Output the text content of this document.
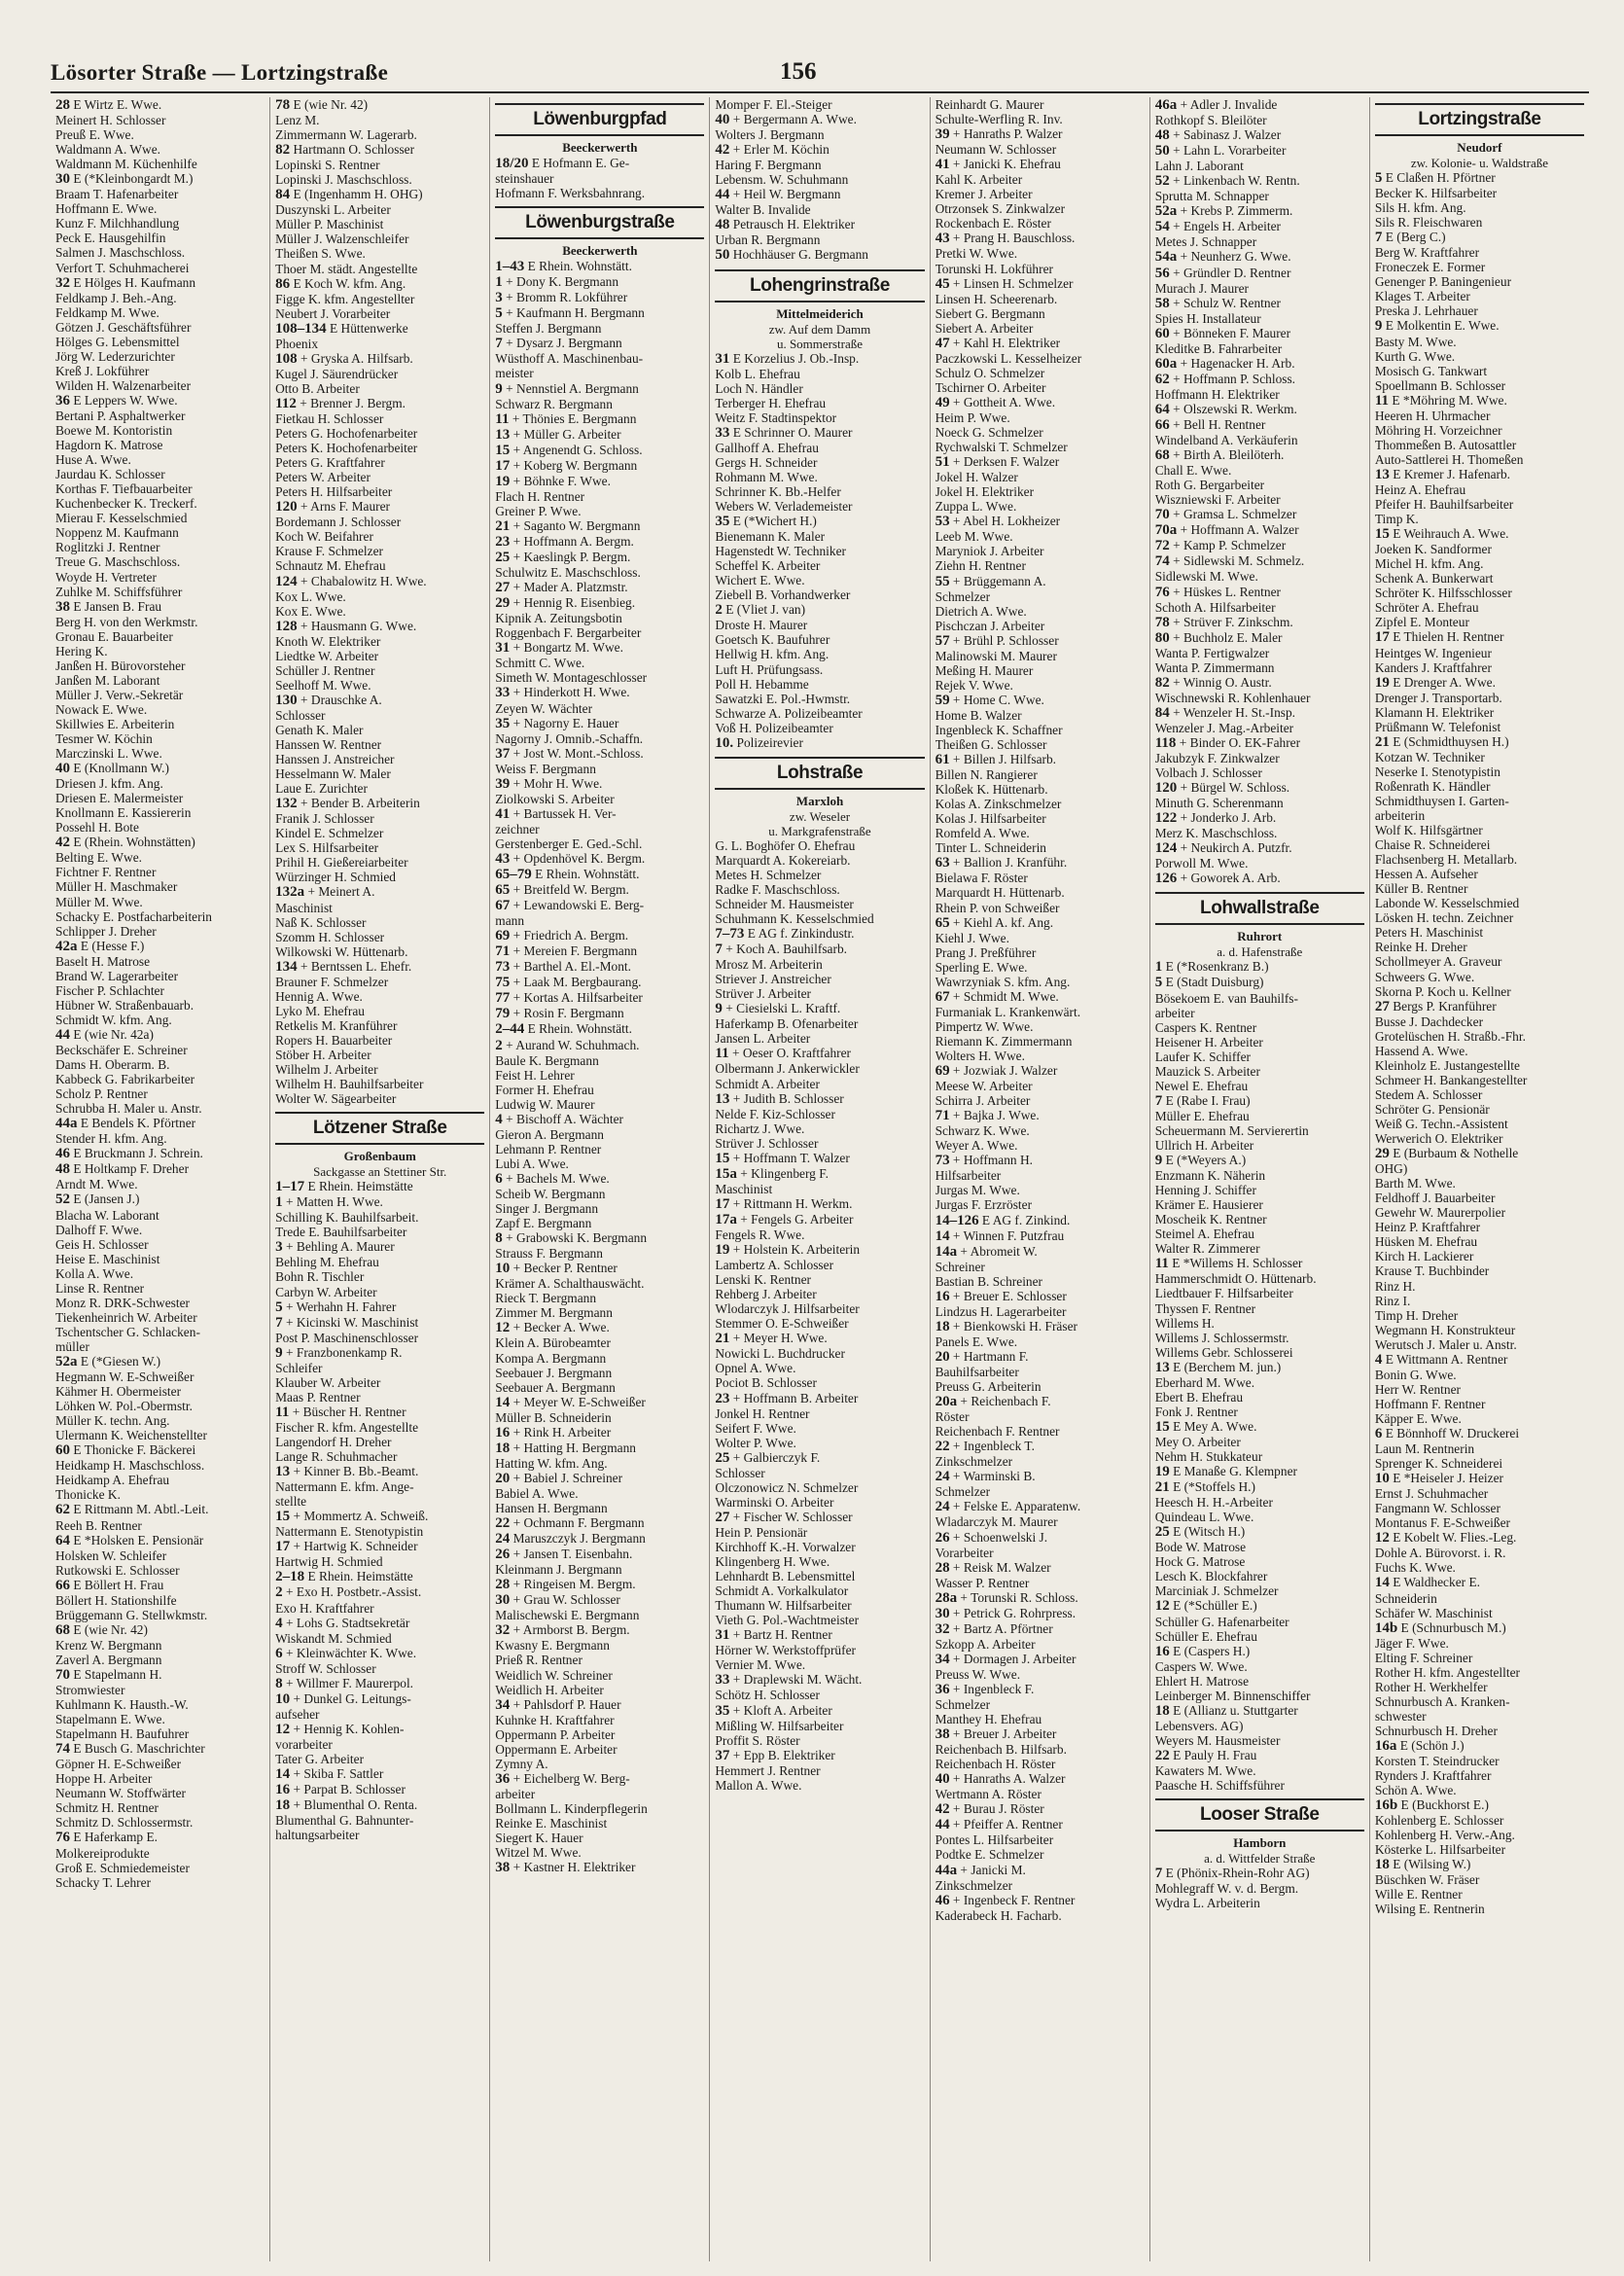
Lösorter Straße — Lortzingstraße	156
28 E Wirtz E. Wwe.
Meinert H. Schlosser
Preuß E. Wwe.
Waldmann A. Wwe.
Waldmann M. Küchenhilfe
30 E (*Kleinbongardt M.)
Braam T. Hafenarbeiter
Hoffmann E. Wwe.
Kunz F. Milchhandlung
Peck E. Hausgehilfin
Salmen J. Maschschloss.
Verfort T. Schuhmacherei
32 E Hölges H. Kaufmann
Feldkamp J. Beh.-Ang.
Feldkamp M. Wwe.
Götzen J. Geschäftsführer
Hölges G. Lebensmittel
Jörg W. Lederzurichter
Kreß J. Lokführer
Wilden H. Walzenarbeiter
36 E Leppers W. Wwe.
Bertani P. Asphaltwerker
Boewe M. Kontoristin
Hagdorn K. Matrose
Huse A. Wwe.
Jaurdau K. Schlosser
Korthas F. Tiefbauarbeiter
Kuchenbecker K. Treckerf.
Mierau F. Kesselschmied
Noppenz M. Kaufmann
Roglitzki J. Rentner
Treue G. Maschschloss.
Woyde H. Vertreter
Zuhlke M. Schiffsführer
38 E Jansen B. Frau
Berg H. von den Werkmstr.
Gronau E. Bauarbeiter
Hering K.
Janßen H. Bürovorsteher
Janßen M. Laborant
Müller J. Verw.-Sekretär
Nowack E. Wwe.
Skillwies E. Arbeiterin
Tesmer W. Köchin
Marczinski L. Wwe.
40 E (Knollmann W.)
Driesen J. kfm. Ang.
Driesen E. Malermeister
Knollmann E. Kassiererin
Possehl H. Bote
42 E (Rhein. Wohnstätten)
Belting E. Wwe.
Fichtner F. Rentner
Müller H. Maschmaker
Müller M. Wwe.
Schacky E. Postfacharbeiterin
Schlipper J. Dreher
42a E (Hesse F.)
Baselt H. Matrose
Brand W. Lagerarbeiter
Fischer P. Schlachter
Hübner W. Straßenbauarb.
Schmidt W. kfm. Ang.
44 E (wie Nr. 42a)
Beckschäfer E. Schreiner
Dams H. Oberarm. B.
Kabbeck G. Fabrikarbeiter
Scholz P. Rentner
Schrubba H. Maler u. Anstr.
44a E Bendels K. Pförtner
Stender H. kfm. Ang.
46 E Bruckmann J. Schrein.
48 E Holtkamp F. Dreher
Arndt M. Wwe.
52 E (Jansen J.)
Blacha W. Laborant
Dalhoff F. Wwe.
Geis H. Schlosser
Heise E. Maschinist
Kolla A. Wwe.
Linse R. Rentner
Monz R. DRK-Schwester
Tiekenheinrich W. Arbeiter
Tschentscher G. Schlacken-
müller
52a E (*Giesen W.)
Hegmann W. E-Schweißer
Kähmer H. Obermeister
Löhken W. Pol.-Obermstr.
Müller K. techn. Ang.
Ulermann K. Weichenstellter
60 E Thonicke F. Bäckerei
Heidkamp H. Maschschloss.
Heidkamp A. Ehefrau
Thonicke K.
62 E Rittmann M. Abtl.-Leit.
Reeh B. Rentner
64 E *Holsken E. Pensionär
Holsken W. Schleifer
Rutkowski E. Schlosser
66 E Böllert H. Frau
Böllert H. Stationshilfe
Brüggemann G. Stellwkmstr.
68 E (wie Nr. 42)
Krenz W. Bergmann
Zaverl A. Bergmann
70 E Stapelmann H.
Stromwiester
Kuhlmann K. Hausth.-W.
Stapelmann E. Wwe.
Stapelmann H. Baufuhrer
74 E Busch G. Maschrichter
Göpner H. E-Schweißer
Hoppe H. Arbeiter
Neumann W. Stoffwärter
Schmitz H. Rentner
Schmitz D. Schlossermstr.
76 E Haferkamp E.
Molkereiprodukte
Groß E. Schmiedemeister
Schacky T. Lehrer
78 E (wie Nr. 42)
Lenz M.
Zimmermann W. Lagerarb.
82 Hartmann O. Schlosser
Lopinski S. Rentner
Lopinski J. Maschschloss.
84 E (Ingenhamm H. OHG)
Duszynski L. Arbeiter
Müller P. Maschinist
Müller J. Walzenschleifer
Theißen S. Wwe.
Thoer M. städt. Angestellte
86 E Koch W. kfm. Ang.
Figge K. kfm. Angestellter
Neubert J. Vorarbeiter
108–134 E Hüttenwerke
Phoenix
108 + Gryska A. Hilfsarb.
Kugel J. Säurendrücker
Otto B. Arbeiter
112 + Brenner J. Bergm.
Fietkau H. Schlosser
Peters G. Hochofenarbeiter
Peters K. Hochofenarbeiter
Peters G. Kraftfahrer
Peters W. Arbeiter
Peters H. Hilfsarbeiter
120 + Arns F. Maurer
Bordemann J. Schlosser
Koch W. Beifahrer
Krause F. Schmelzer
Schnautz M. Ehefrau
124 + Chabalowitz H. Wwe.
Kox L. Wwe.
Kox E. Wwe.
128 + Hausmann G. Wwe.
Knoth W. Elektriker
Liedtke W. Arbeiter
Schüller J. Rentner
Seelhoff M. Wwe.
130 + Drauschke A.
Schlosser
Genath K. Maler
Hanssen W. Rentner
Hanssen J. Anstreicher
Hesselmann W. Maler
Laue E. Zurichter
132 + Bender B. Arbeiterin
Franik J. Schlosser
Kindel E. Schmelzer
Lex S. Hilfsarbeiter
Prihil H. Gießereiarbeiter
Würzinger H. Schmied
132a + Meinert A.
Maschinist
Naß K. Schlosser
Szomm H. Schlosser
Wilkowski W. Hüttenarb.
134 + Berntssen L. Ehefr.
Brauner F. Schmelzer
Hennig A. Wwe.
Lyko M. Ehefrau
Retkelis M. Kranführer
Ropers H. Bauarbeiter
Stöber H. Arbeiter
Wilhelm J. Arbeiter
Wilhelm H. Bauhilfsarbeiter
Wolter W. Sägearbeiter
Lötzener Straße
Großenbaum
Sackgasse an Stettiner Str.
1–17 E Rhein. Heimstätte
1 + Matten H. Wwe.
Schilling K. Bauhilfsarbeit.
Trede E. Bauhilfsarbeiter
3 + Behling A. Maurer
Behling M. Ehefrau
Bohn R. Tischler
Carbyn W. Arbeiter
5 + Werhahn H. Fahrer
7 + Kicinski W. Maschinist
Post P. Maschinenschlosser
9 + Franzbonenkamp R.
Schleifer
Klauber W. Arbeiter
Maas P. Rentner
11 + Büscher H. Rentner
Fischer R. kfm. Angestellte
Langendorf H. Dreher
Lange R. Schuhmacher
13 + Kinner B. Bb.-Beamt.
Nattermann E. kfm. Ange-
stellte
15 + Mommertz A. Schweiß.
Nattermann E. Stenotypistin
17 + Hartwig K. Schneider
Hartwig H. Schmied
2–18 E Rhein. Heimstätte
2 + Exo H. Postbetr.-Assist.
Exo H. Kraftfahrer
4 + Lohs G. Stadtsekretär
Wiskandt M. Schmied
6 + Kleinwächter K. Wwe.
Stroff W. Schlosser
8 + Willmer F. Maurerpol.
10 + Dunkel G. Leitungs-
aufseher
12 + Hennig K. Kohlen-
vorarbeiter
Tater G. Arbeiter
14 + Skiba F. Sattler
16 + Parpat B. Schlosser
18 + Blumenthal O. Renta.
Blumenthal G. Bahnunter-
haltungsarbeiter
Löwenburgpfad
Beeckerwerth
18/20 E Hofmann E. Ge-
steinshauer
Hofmann F. Werksbahnrang.
Löwenburgstraße
Beeckerwerth
1–43 E Rhein. Wohnstätt.
1 + Dony K. Bergmann
3 + Bromm R. Lokführer
5 + Kaufmann H. Bergmann
Steffen J. Bergmann
7 + Dysarz J. Bergmann
Wüsthoff A. Maschinenbau-
meister
9 + Nennstiel A. Bergmann
Schwarz R. Bergmann
11 + Thönies E. Bergmann
13 + Müller G. Arbeiter
15 + Angenendt G. Schloss.
17 + Koberg W. Bergmann
19 + Böhnke F. Wwe.
Flach H. Rentner
Greiner P. Wwe.
21 + Saganto W. Bergmann
23 + Hoffmann A. Bergm.
25 + Kaeslingk P. Bergm.
Schulwitz E. Maschschloss.
27 + Mader A. Platzmstr.
29 + Hennig R. Eisenbieg.
Kipnik A. Zeitungsbotin
Roggenbach F. Bergarbeiter
31 + Bongartz M. Wwe.
Schmitt C. Wwe.
Simeth W. Montageschlosser
33 + Hinderkott H. Wwe.
Zeyen W. Wächter
35 + Nagorny E. Hauer
Nagorny J. Omnib.-Schaffn.
37 + Jost W. Mont.-Schloss.
Weiss F. Bergmann
39 + Mohr H. Wwe.
Ziolkowski S. Arbeiter
41 + Bartussek H. Ver-
zeichner
Gerstenberger E. Ged.-Schl.
43 + Opdenhövel K. Bergm.
65–79 E Rhein. Wohnstätt.
65 + Breitfeld W. Bergm.
67 + Lewandowski E. Berg-
mann
69 + Friedrich A. Bergm.
71 + Mereien F. Bergmann
73 + Barthel A. El.-Mont.
75 + Laak M. Bergbaurang.
77 + Kortas A. Hilfsarbeiter
79 + Rosin F. Bergmann
2–44 E Rhein. Wohnstätt.
2 + Aurand W. Schuhmach.
Baule K. Bergmann
Feist H. Lehrer
Former H. Ehefrau
Ludwig W. Maurer
4 + Bischoff A. Wächter
Gieron A. Bergmann
Lehmann P. Rentner
Lubi A. Wwe.
6 + Bachels M. Wwe.
Scheib W. Bergmann
Singer J. Bergmann
Zapf E. Bergmann
8 + Grabowski K. Bergmann
Strauss F. Bergmann
10 + Becker P. Rentner
Krämer A. Schalthauswächt.
Rieck T. Bergmann
Zimmer M. Bergmann
12 + Becker A. Wwe.
Klein A. Bürobeamter
Kompa A. Bergmann
Seebauer J. Bergmann
Seebauer A. Bergmann
14 + Meyer W. E-Schweißer
Müller B. Schneiderin
16 + Rink H. Arbeiter
18 + Hatting H. Bergmann
Hatting W. kfm. Ang.
20 + Babiel J. Schreiner
Babiel A. Wwe.
Hansen H. Bergmann
22 + Ochmann F. Bergmann
24 Maruszczyk J. Bergmann
26 + Jansen T. Eisenbahn.
Kleinmann J. Bergmann
28 + Ringeisen M. Bergm.
30 + Grau W. Schlosser
Malischewski E. Bergmann
32 + Armborst B. Bergm.
Kwasny E. Bergmann
Prieß R. Rentner
Weidlich W. Schreiner
Weidlich H. Arbeiter
34 + Pahlsdorf P. Hauer
Kuhnke H. Kraftfahrer
Oppermann P. Arbeiter
Oppermann E. Arbeiter
Zymny A.
36 + Eichelberg W. Berg-
arbeiter
Bollmann L. Kinderpflegerin
Reinke E. Maschinist
Siegert K. Hauer
Witzel M. Wwe.
38 + Kastner H. Elektriker
Momper F. El.-Steiger
40 + Bergermann A. Wwe.
Wolters J. Bergmann
42 + Erler M. Köchin
Haring F. Bergmann
Lebensm. W. Schuhmann
44 + Heil W. Bergmann
Walter B. Invalide
48 Petrausch H. Elektriker
Urban R. Bergmann
50 Hochhäuser G. Bergmann
Lohengrinstraße
Mittelmeiderich
zw. Auf dem Damm
u. Sommerstraße
31 E Korzelius J. Ob.-Insp.
Kolb L. Ehefrau
Loch N. Händler
Terberger H. Ehefrau
Weitz F. Stadtinspektor
33 E Schrinner O. Maurer
Gallhoff A. Ehefrau
Gergs H. Schneider
Rohmann M. Wwe.
Schrinner K. Bb.-Helfer
Webers W. Verlademeister
35 E (*Wichert H.)
Bienemann K. Maler
Hagenstedt W. Techniker
Scheffel K. Arbeiter
Wichert E. Wwe.
Ziebell B. Vorhandwerker
2 E (Vliet J. van)
Droste H. Maurer
Goetsch K. Baufuhrer
Hellwig H. kfm. Ang.
Luft H. Prüfungsass.
Poll H. Hebamme
Sawatzki E. Pol.-Hwmstr.
Schwarze A. Polizeibeamter
Voß H. Polizeibeamter
10. Polizeirevier
Lohstraße
Marxloh
zw. Weseler
u. Markgrafenstraße
G. L. Boghöfer O. Ehefrau
Marquardt A. Kokereiarb.
Metes H. Schmelzer
Radke F. Maschschloss.
Schneider M. Hausmeister
Schuhmann K. Kesselschmied
7–73 E AG f. Zinkindustr.
7 + Koch A. Bauhilfsarb.
Mrosz M. Arbeiterin
Striever J. Anstreicher
Strüver J. Arbeiter
9 + Ciesielski L. Kraftf.
Haferkamp B. Ofenarbeiter
Jansen L. Arbeiter
11 + Oeser O. Kraftfahrer
Olbermann J. Ankerwickler
Schmidt A. Arbeiter
13 + Judith B. Schlosser
Nelde F. Kiz-Schlosser
Richartz J. Wwe.
Strüver J. Schlosser
15 + Hoffmann T. Walzer
15a + Klingenberg F.
Maschinist
17 + Rittmann H. Werkm.
17a + Fengels G. Arbeiter
Fengels R. Wwe.
19 + Holstein K. Arbeiterin
Lambertz A. Schlosser
Lenski K. Rentner
Rehberg J. Arbeiter
Wlodarczyk J. Hilfsarbeiter
Stemmer O. E-Schweißer
21 + Meyer H. Wwe.
Nowicki L. Buchdrucker
Opnel A. Wwe.
Pociot B. Schlosser
23 + Hoffmann B. Arbeiter
Jonkel H. Rentner
Seifert F. Wwe.
Wolter P. Wwe.
25 + Galbierczyk F.
Schlosser
Olczonowicz N. Schmelzer
Warminski O. Arbeiter
27 + Fischer W. Schlosser
Hein P. Pensionär
Kirchhoff K.-H. Vorwalzer
Klingenberg H. Wwe.
Lehnhardt B. Lebensmittel
Schmidt A. Vorkalkulator
Thumann W. Hilfsarbeiter
Vieth G. Pol.-Wachtmeister
31 + Bartz H. Rentner
Hörner W. Werkstoffprüfer
Vernier M. Wwe.
33 + Draplewski M. Wächt.
Schötz H. Schlosser
35 + Kloft A. Arbeiter
Mißling W. Hilfsarbeiter
Proffit S. Röster
37 + Epp B. Elektriker
Hemmert J. Rentner
Mallon A. Wwe.
Reinhardt G. Maurer
Schulte-Werfling R. Inv.
39 + Hanraths P. Walzer
Neumann W. Schlosser
41 + Janicki K. Ehefrau
Kahl K. Arbeiter
Kremer J. Arbeiter
Otrzonsek S. Zinkwalzer
Rockenbach E. Röster
43 + Prang H. Bauschloss.
Pretki W. Wwe.
Torunski H. Lokführer
45 + Linsen H. Schmelzer
Linsen H. Scheerenarb.
Siebert G. Bergmann
Siebert A. Arbeiter
47 + Kahl H. Elektriker
Paczkowski L. Kesselheizer
Schulz O. Schmelzer
Tschirner O. Arbeiter
49 + Gottheit A. Wwe.
Heim P. Wwe.
Noeck G. Schmelzer
Rychwalski T. Schmelzer
51 + Derksen F. Walzer
Jokel H. Walzer
Jokel H. Elektriker
Zuppa L. Wwe.
53 + Abel H. Lokheizer
Leeb M. Wwe.
Maryniok J. Arbeiter
Ziehn H. Rentner
55 + Brüggemann A.
Schmelzer
Dietrich A. Wwe.
Pischczan J. Arbeiter
57 + Brühl P. Schlosser
Malinowski M. Maurer
Meßing H. Maurer
Rejek V. Wwe.
59 + Home C. Wwe.
Home B. Walzer
Ingenbleck K. Schaffner
Theißen G. Schlosser
61 + Billen J. Hilfsarb.
Billen N. Rangierer
Kloßek K. Hüttenarb.
Kolas A. Zinkschmelzer
Kolas J. Hilfsarbeiter
Romfeld A. Wwe.
Tinter L. Schneiderin
63 + Ballion J. Kranführ.
Bielawa F. Röster
Marquardt H. Hüttenarb.
Rhein P. von Schweißer
65 + Kiehl A. kf. Ang.
Kiehl J. Wwe.
Prang J. Preßführer
Sperling E. Wwe.
Wawrzyniak S. kfm. Ang.
67 + Schmidt M. Wwe.
Furmaniak L. Krankenwärt.
Pimpertz W. Wwe.
Riemann K. Zimmermann
Wolters H. Wwe.
69 + Jozwiak J. Walzer
Meese W. Arbeiter
Schirra J. Arbeiter
71 + Bajka J. Wwe.
Schwarz K. Wwe.
Weyer A. Wwe.
73 + Hoffmann H.
Hilfsarbeiter
Jurgas M. Wwe.
Jurgas F. Erzröster
14–126 E AG f. Zinkind.
14 + Winnen F. Putzfrau
14a + Abromeit W.
Schreiner
Bastian B. Schreiner
16 + Breuer E. Schlosser
Lindzus H. Lagerarbeiter
18 + Bienkowski H. Fräser
Panels E. Wwe.
20 + Hartmann F.
Bauhilfsarbeiter
Preuss G. Arbeiterin
20a + Reichenbach F.
Röster
Reichenbach F. Rentner
22 + Ingenbleck T.
Zinkschmelzer
24 + Warminski B.
Schmelzer
24 + Felske E. Apparatenw.
Wladarczyk M. Maurer
26 + Schoenwelski J.
Vorarbeiter
28 + Reisk M. Walzer
Wasser P. Rentner
28a + Torunski R. Schloss.
30 + Petrick G. Rohrpress.
32 + Bartz A. Pförtner
Szkopp A. Arbeiter
34 + Dormagen J. Arbeiter
Preuss W. Wwe.
36 + Ingenbleck F.
Schmelzer
Manthey H. Ehefrau
38 + Breuer J. Arbeiter
Reichenbach B. Hilfsarb.
Reichenbach H. Röster
40 + Hanraths A. Walzer
Wertmann A. Röster
42 + Burau J. Röster
44 + Pfeiffer A. Rentner
Pontes L. Hilfsarbeiter
Podtke E. Schmelzer
44a + Janicki M.
Zinkschmelzer
46 + Ingenbeck F. Rentner
Kaderabeck H. Facharb.
46a + Adler J. Invalide
Rothkopf S. Bleilöter
48 + Sabinasz J. Walzer
50 + Lahn L. Vorarbeiter
Lahn J. Laborant
52 + Linkenbach W. Rentn.
Spruttа M. Schnapper
52a + Krebs P. Zimmerm.
54 + Engels H. Arbeiter
Metes J. Schnapper
54a + Neunherz G. Wwe.
56 + Gründler D. Rentner
Murach J. Maurer
58 + Schulz W. Rentner
Spies H. Installateur
60 + Bönneken F. Maurer
Kleditke B. Fahrarbeiter
60a + Hagenacker H. Arb.
62 + Hoffmann P. Schloss.
Hoffmann H. Elektriker
64 + Olszewski R. Werkm.
66 + Bell H. Rentner
Windelband A. Verkäuferin
68 + Birth A. Bleilöterh.
Chall E. Wwe.
Roth G. Bergarbeiter
Wiszniewski F. Arbeiter
70 + Gramsa L. Schmelzer
70a + Hoffmann A. Walzer
72 + Kamp P. Schmelzer
74 + Sidlewski M. Schmelz.
Sidlewski M. Wwe.
76 + Hüskes L. Rentner
Schoth A. Hilfsarbeiter
78 + Strüver F. Zinkschm.
80 + Buchholz E. Maler
Wanta P. Fertigwalzer
Wanta P. Zimmermann
82 + Winnig O. Austr.
Wischnewski R. Kohlenhauer
84 + Wenzeler H. St.-Insp.
Wenzeler J. Mag.-Arbeiter
118 + Binder O. EK-Fahrer
Jakubzyk F. Zinkwalzer
Volbach J. Schlosser
120 + Bürgel W. Schloss.
Minuth G. Scherenmann
122 + Jonderko J. Arb.
Merz K. Maschschloss.
124 + Neukirch A. Putzfr.
Porwoll M. Wwe.
126 + Goworek A. Arb.
Lohwallstraße
Ruhrort
a. d. Hafenstraße
1 E (*Rosenkranz B.)
5 E (Stadt Duisburg)
Bösekoem E. van Bauhilfs-
arbeiter
Caspers K. Rentner
Heisener H. Arbeiter
Laufer K. Schiffer
Mauzick S. Arbeiter
Newel E. Ehefrau
7 E (Rabe I. Frau)
Müller E. Ehefrau
Scheuermann M. Servierertin
Ullrich H. Arbeiter
9 E (*Weyers A.)
Enzmann K. Näherin
Henning J. Schiffer
Krämer E. Hausierer
Moscheik K. Rentner
Steimel A. Ehefrau
Walter R. Zimmerer
11 E *Willems H. Schlosser
Hammerschmidt O. Hüttenarb.
Liedtbauer F. Hilfsarbeiter
Thyssen F. Rentner
Willems H.
Willems J. Schlossermstr.
Willems Gebr. Schlosserei
13 E (Berchem M. jun.)
Eberhard M. Wwe.
Ebert B. Ehefrau
Fonk J. Rentner
15 E Mey A. Wwe.
Mey O. Arbeiter
Nehm H. Stukkateur
19 E Manaße G. Klempner
21 E (*Stoffels H.)
Heesch H. H.-Arbeiter
Quindeau L. Wwe.
25 E (Witsch H.)
Bode W. Matrose
Hock G. Matrose
Lesch K. Blockfahrer
Marciniak J. Schmelzer
12 E (*Schüller E.)
Schüller G. Hafenarbeiter
Schüller E. Ehefrau
16 E (Caspers H.)
Caspers W. Wwe.
Ehlert H. Matrose
Leinberger M. Binnenschiffer
18 E (Allianz u. Stuttgarter
Lebensvers. AG)
Weyers M. Hausmeister
22 E Pauly H. Frau
Kawaters M. Wwe.
Paasche H. Schiffsführer
Looser Straße
Hamborn
a. d. Wittfelder Straße
7 E (Phönix-Rhein-Rohr AG)
Mohlegraff W. v. d. Bergm.
Wydra L. Arbeiterin
Lortzingstraße
Neudorf
zw. Kolonie- u. Waldstraße
5 E Claßen H. Pförtner
Becker K. Hilfsarbeiter
Sils H. kfm. Ang.
Sils R. Fleischwaren
7 E (Berg C.)
Berg W. Kraftfahrer
Froneczek E. Former
Genenger P. Baningenieur
Klages T. Arbeiter
Preska J. Lehrhauer
9 E Molkentin E. Wwe.
Basty M. Wwe.
Kurth G. Wwe.
Mosisch G. Tankwart
Spoellmann B. Schlosser
11 E *Möhring M. Wwe.
Heeren H. Uhrmacher
Möhring H. Vorzeichner
Thommeßen B. Autosattler
Auto-Sattlerei H. Thomeßen
13 E Kremer J. Hafenarb.
Heinz A. Ehefrau
Pfeifer H. Bauhilfsarbeiter
Timp K.
15 E Weihrauch A. Wwe.
Joeken K. Sandformer
Michel H. kfm. Ang.
Schenk A. Bunkerwart
Schröter K. Hilfsschlosser
Schröter A. Ehefrau
Zipfel E. Monteur
17 E Thielen H. Rentner
Heintges W. Ingenieur
Kanders J. Kraftfahrer
19 E Drenger A. Wwe.
Drenger J. Transportarb.
Klamann H. Elektriker
Prüßmann W. Telefonist
21 E (Schmidthuysen H.)
Kotzan W. Techniker
Neserke I. Stenotypistin
Roßenrath K. Händler
Schmidthuysen I. Garten-
arbeiterin
Wolf K. Hilfsgärtner
Chaise R. Schneiderei
Flachsenberg H. Metallarb.
Hessen A. Aufseher
Küller B. Rentner
Labonde W. Kesselschmied
Lösken H. techn. Zeichner
Peters H. Maschinist
Reinke H. Dreher
Schollmeyer A. Graveur
Schweers G. Wwe.
Skorna P. Koch u. Kellner
27 Bergs P. Kranführer
Busse J. Dachdecker
Grotelüschen H. Straßb.-Fhr.
Hassend A. Wwe.
Kleinholz E. Justangestellte
Schmeer H. Bankangestellter
Stedem A. Schlosser
Schröter G. Pensionär
Weiß G. Techn.-Assistent
Werwerich O. Elektriker
29 E (Burbaum & Nothelle
OHG)
Barth M. Wwe.
Feldhoff J. Bauarbeiter
Gewehr W. Maurerpolier
Heinz P. Kraftfahrer
Hüsken M. Ehefrau
Kirch H. Lackierer
Krause T. Buchbinder
Rinz H.
Rinz I.
Timp H. Dreher
Wegmann H. Konstrukteur
Werutsch J. Maler u. Anstr.
4 E Wittmann A. Rentner
Bonin G. Wwe.
Herr W. Rentner
Hoffmann F. Rentner
Käpper E. Wwe.
6 E Bönnhoff W. Druckerei
Laun M. Rentnerin
Sprenger K. Schneiderei
10 E *Heiseler J. Heizer
Ernst J. Schuhmacher
Fangmann W. Schlosser
Montanus F. E-Schweißer
12 E Kobelt W. Flies.-Leg.
Dohle A. Bürovorst. i. R.
Fuchs K. Wwe.
14 E Waldhecker E.
Schneiderin
Schäfer W. Maschinist
14b E (Schnurbusch M.)
Jäger F. Wwe.
Elting F. Schreiner
Rother H. kfm. Angestellter
Rother H. Werkhelfer
Schnurbusch A. Kranken-
schwester
Schnurbusch H. Dreher
16a E (Schön J.)
Korsten T. Steindrucker
Rynders J. Kraftfahrer
Schön A. Wwe.
16b E (Buckhorst E.)
Kohlenberg E. Schlosser
Kohlenberg H. Verw.-Ang.
Kösterke L. Hilfsarbeiter
18 E (Wilsing W.)
Büschken W. Fräser
Wille E. Rentner
Wilsing E. Rentnerin
